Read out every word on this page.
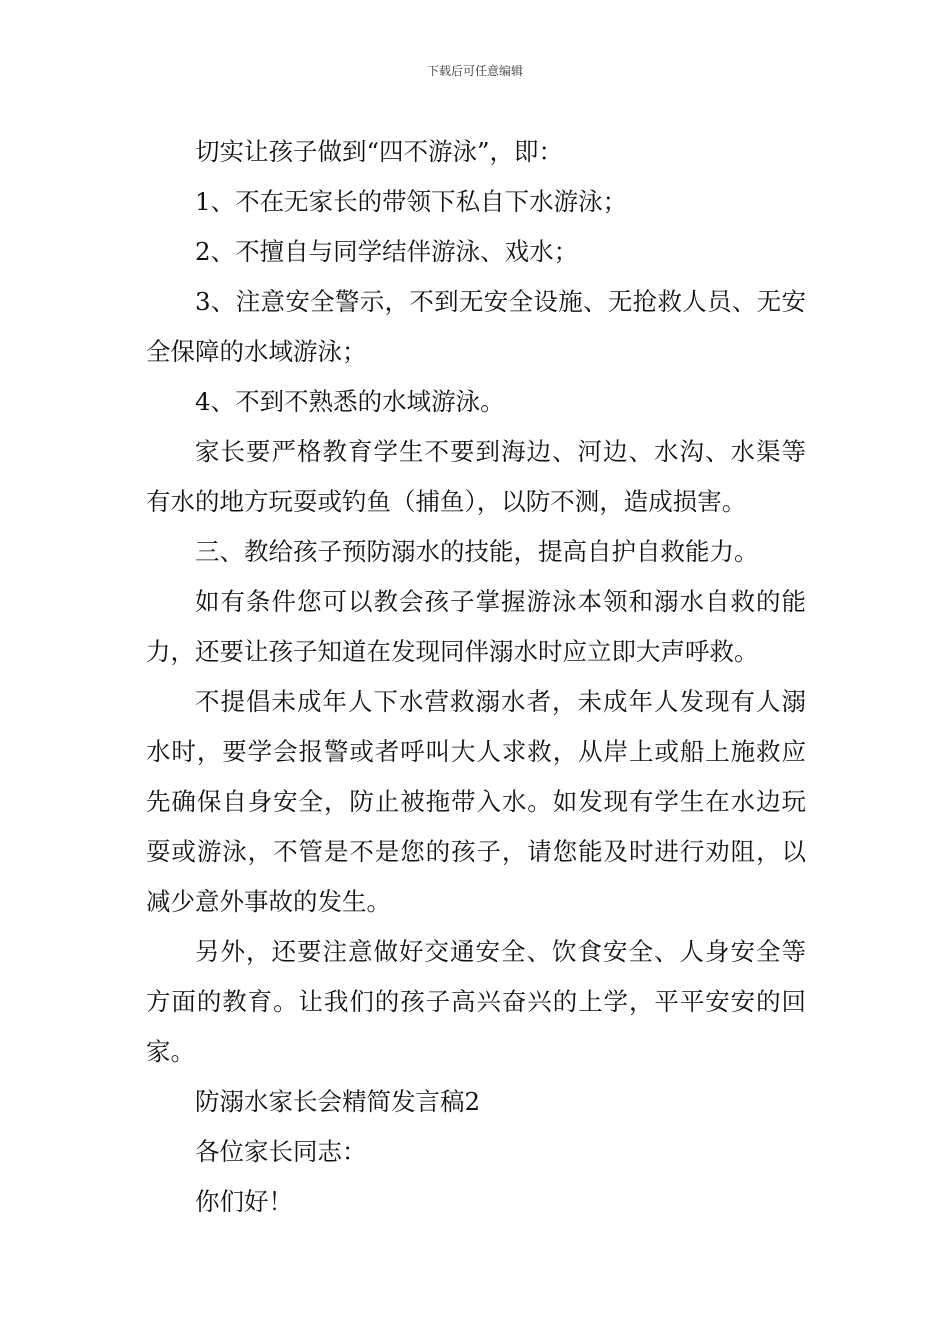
下载后可任意编辑

切实让孩子做到“四不游泳”，即：

1、不在无家长的带领下私自下水游泳；

2、不擅自与同学结伴游泳、戏水；

3、注意安全警示，不到无安全设施、无抢救人员、无安全保障的水域游泳；

4、不到不熟悉的水域游泳。

家长要严格教育学生不要到海边、河边、水沟、水渠等有水的地方玩耍或钓鱼（捕鱼），以防不测，造成损害。

三、教给孩子预防溺水的技能，提高自护自救能力。

如有条件您可以教会孩子掌握游泳本领和溺水自救的能力，还要让孩子知道在发现同伴溺水时应立即大声呼救。

不提倡未成年人下水营救溺水者，未成年人发现有人溺水时，要学会报警或者呼叫大人求救，从岸上或船上施救应先确保自身安全，防止被拖带入水。如发现有学生在水边玩耍或游泳，不管是不是您的孩子，请您能及时进行劝阻，以减少意外事故的发生。

另外，还要注意做好交通安全、饮食安全、人身安全等方面的教育。让我们的孩子高兴奋兴的上学，平平安安的回家。

防溺水家长会精简发言稿2

各位家长同志：

你们好！
